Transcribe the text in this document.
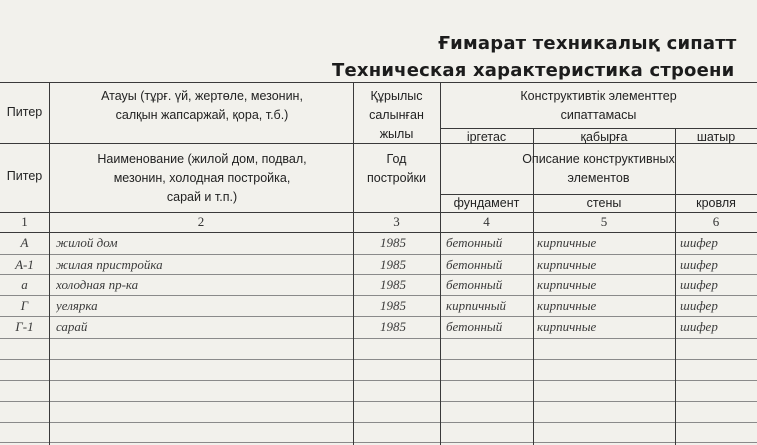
Ғимарат техникалық сипатт
Техническая характеристика строени
Питер
Атауы (тұрғ. үй, жертөле, мезонин,
салқын жапсаржай, қора, т.б.)
Құрылыс
салынған
жылы
Конструктивтік элементтер
сипаттамасы
іргетас	қабырға	шатыр
Питер
Наименование (жилой дом, подвал,
мезонин, холодная постройка,
сарай и т.п.)
Год
постройки
Описание конструктивных
элементов
фундамент	стены	кровля
1	2	3	4	5	6
А	жилой дом	1985	бетонный	кирпичные	шифер
А-1	жилая пристройка	1985	бетонный	кирпичные	шифер
а	холодная пр-ка	1985	бетонный	кирпичные	шифер
Г	уелярка	1985	кирпичный	кирпичные	шифер
Г-1	сарай	1985	бетонный	кирпичные	шифер
